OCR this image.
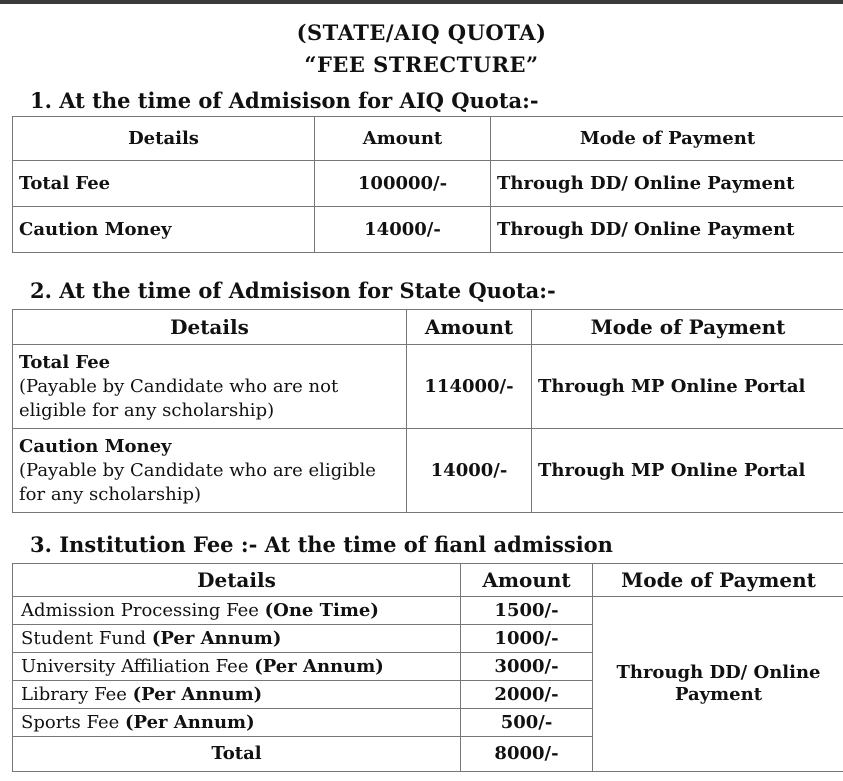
(STATE/AIQ QUOTA)
“FEE STRECTURE”
1. At the time of Admisison for AIQ Quota:-
Details	Amount	Mode of Payment
Total Fee	100000/-	Through DD/ Online Payment
Caution Money	14000/-	Through DD/ Online Payment
2. At the time of Admisison for State Quota:-
Details	Amount	Mode of Payment

Total Fee
(Payable by Candidate who are not eligible for any scholarship)	114000/-	Through MP Online Portal

Caution Money
(Payable by Candidate who are eligible for any scholarship)	14000/-	Through MP Online Portal
3. Institution Fee :- At the time of fianl admission
Details	Amount	Mode of Payment
Admission Processing Fee (One Time)	1500/-	Through DD/ Online Payment
Student Fund (Per Annum)	1000/-	
University Affiliation Fee (Per Annum)	3000/-	
Library Fee (Per Annum)	2000/-	
Sports Fee (Per Annum)	500/-	
Total	8000/-	
